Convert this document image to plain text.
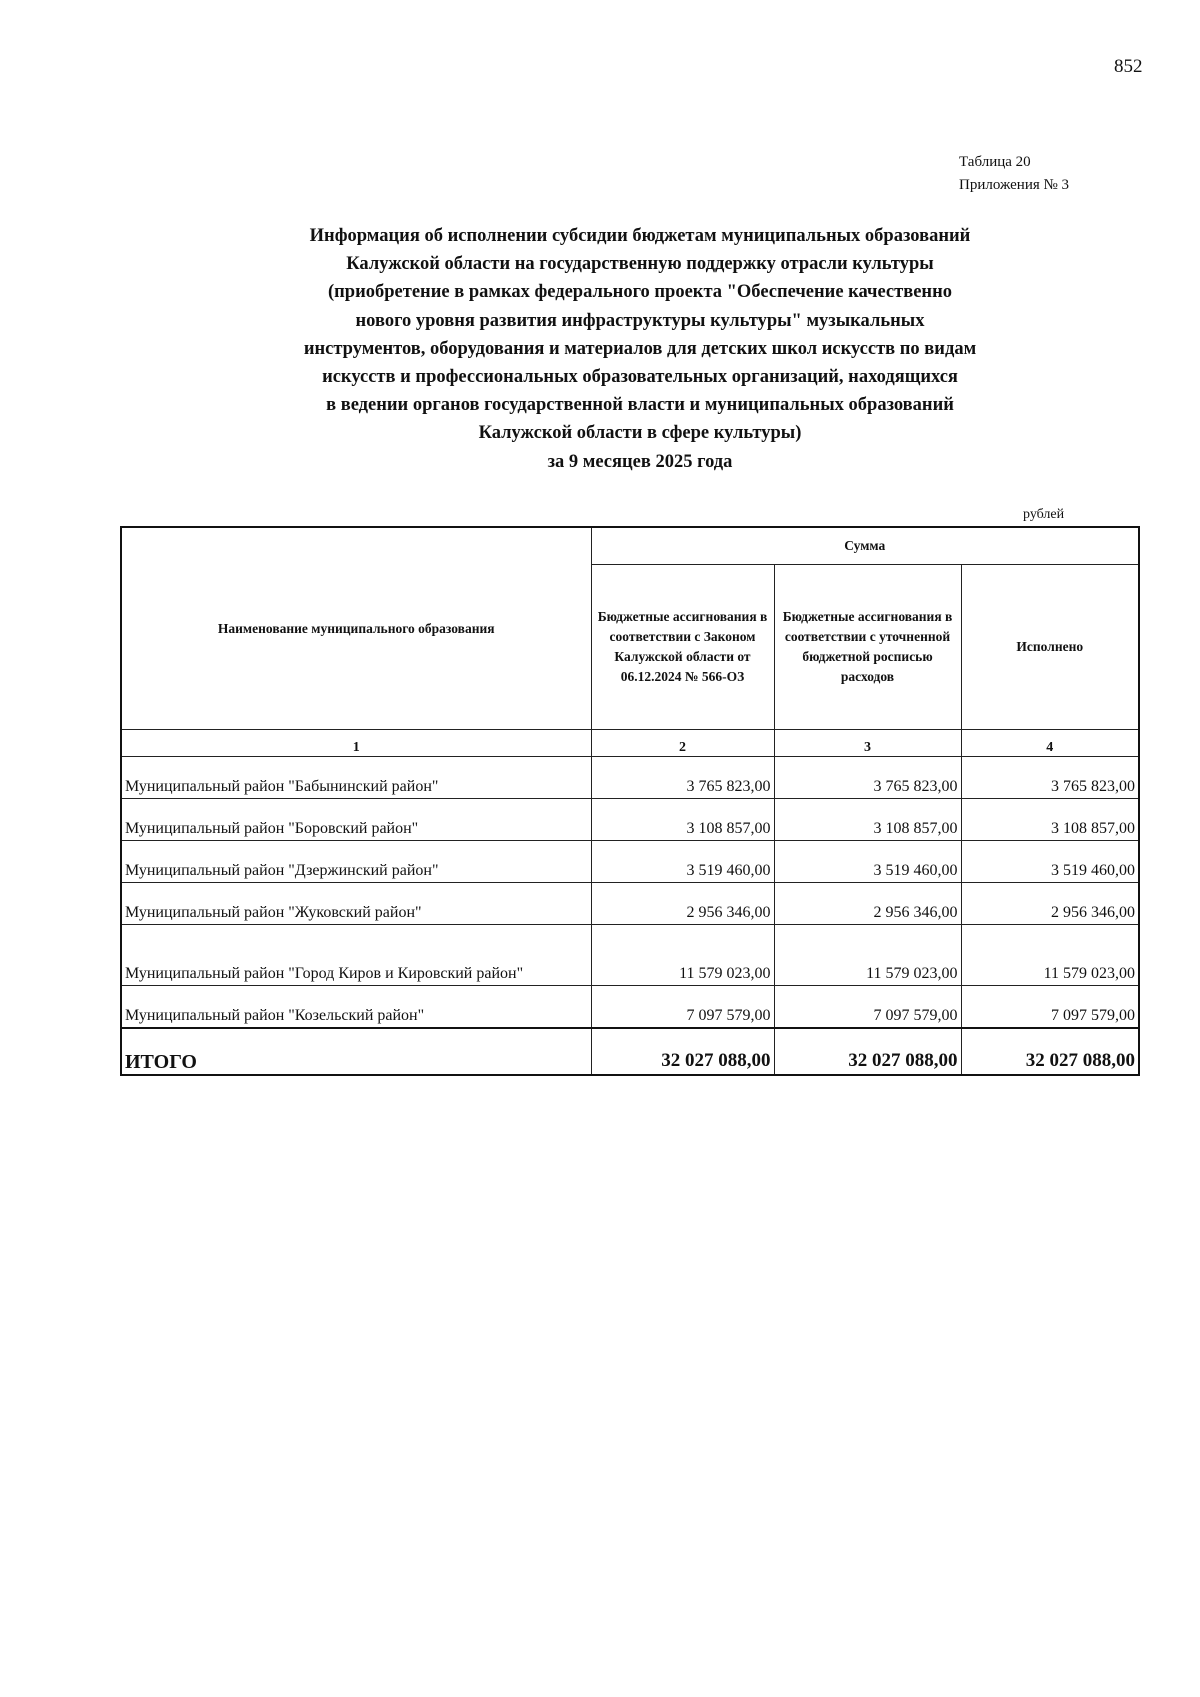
852
Таблица 20
Приложения № 3
Информация об исполнении субсидии бюджетам муниципальных образований
Калужской области на государственную поддержку отрасли культуры
(приобретение в рамках федерального проекта "Обеспечение качественно
нового уровня развития инфраструктуры культуры" музыкальных
инструментов, оборудования и материалов для детских школ искусств по видам
искусств и профессиональных образовательных организаций, находящихся
в ведении органов государственной власти и муниципальных образований
Калужской области в сфере культуры)
за 9 месяцев 2025 года
рублей
Наименование муниципального образования	Сумма		
	Бюджетные ассигнования в соответствии с Законом Калужской области от 06.12.2024 № 566-ОЗ	Бюджетные ассигнования в соответствии с уточненной бюджетной росписью расходов	Исполнено
1	2	3	4
Муниципальный район "Бабынинский район"	3 765 823,00	3 765 823,00	3 765 823,00
Муниципальный район "Боровский район"	3 108 857,00	3 108 857,00	3 108 857,00
Муниципальный район "Дзержинский район"	3 519 460,00	3 519 460,00	3 519 460,00
Муниципальный район "Жуковский район"	2 956 346,00	2 956 346,00	2 956 346,00
Муниципальный район "Город Киров и Кировский район"	11 579 023,00	11 579 023,00	11 579 023,00
Муниципальный район "Козельский район"	7 097 579,00	7 097 579,00	7 097 579,00
ИТОГО	32 027 088,00	32 027 088,00	32 027 088,00
